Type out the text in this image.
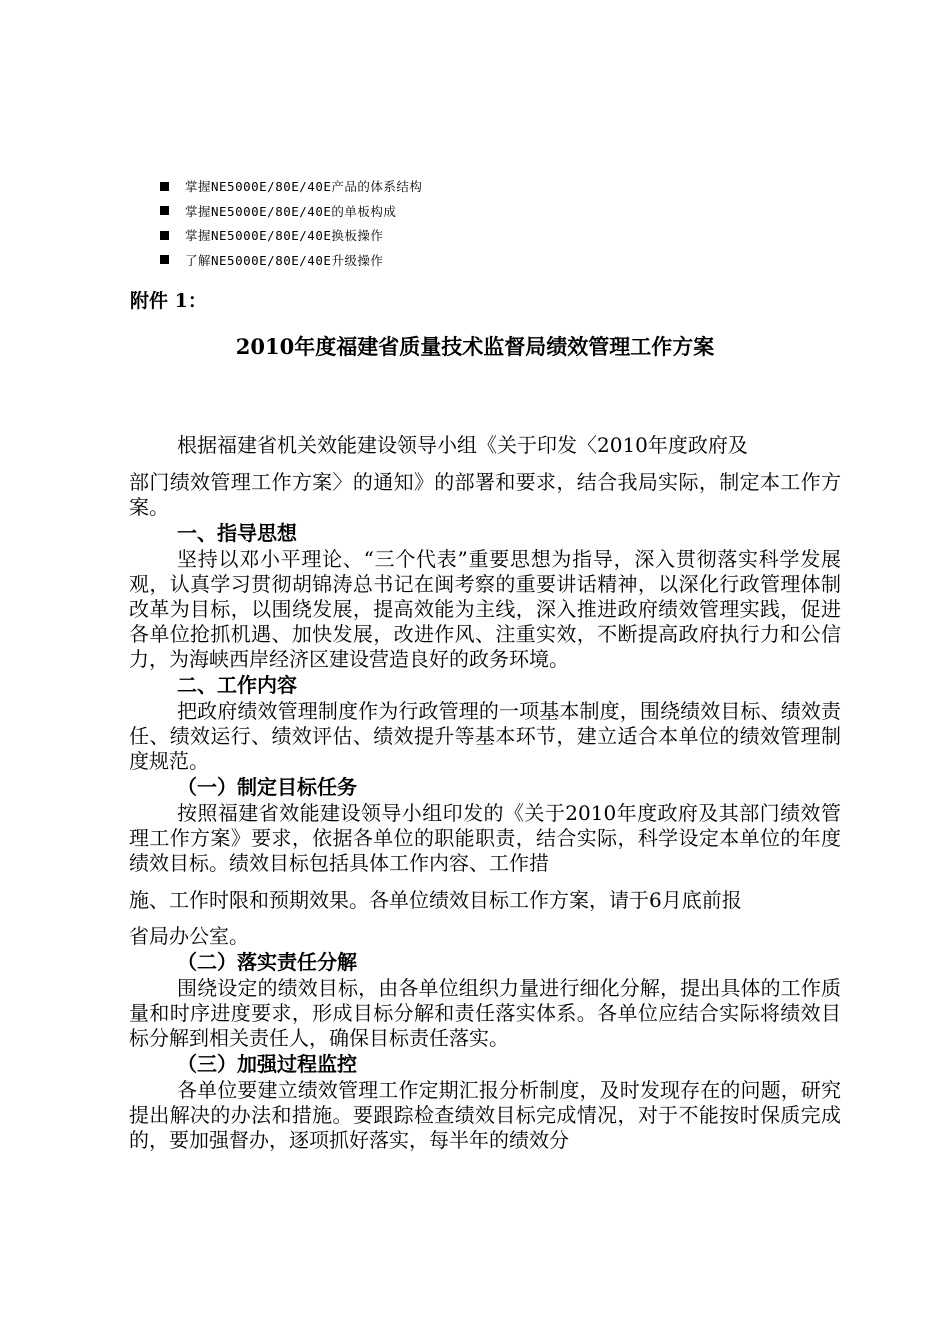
掌握NE5000E/80E/40E产品的体系结构
掌握NE5000E/80E/40E的单板构成
掌握NE5000E/80E/40E换板操作
了解NE5000E/80E/40E升级操作
附件 1：
2010年度福建省质量技术监督局绩效管理工作方案

根据福建省机关效能建设领导小组《关于印发〈2010年度政府及

部门绩效管理工作方案〉的通知》的部署和要求，结合我局实际，制定本工作方案。

一、指导思想

坚持以邓小平理论、“三个代表”重要思想为指导，深入贯彻落实科学发展观，认真学习贯彻胡锦涛总书记在闽考察的重要讲话精神，以深化行政管理体制改革为目标，以围绕发展，提高效能为主线，深入推进政府绩效管理实践，促进各单位抢抓机遇、加快发展，改进作风、注重实效，不断提高政府执行力和公信力，为海峡西岸经济区建设营造良好的政务环境。

二、工作内容

把政府绩效管理制度作为行政管理的一项基本制度，围绕绩效目标、绩效责任、绩效运行、绩效评估、绩效提升等基本环节，建立适合本单位的绩效管理制度规范。

（一）制定目标任务

按照福建省效能建设领导小组印发的《关于2010年度政府及其部门绩效管理工作方案》要求，依据各单位的职能职责，结合实际，科学设定本单位的年度绩效目标。绩效目标包括具体工作内容、工作措

施、工作时限和预期效果。各单位绩效目标工作方案，请于6月底前报

省局办公室。

（二）落实责任分解

围绕设定的绩效目标，由各单位组织力量进行细化分解，提出具体的工作质量和时序进度要求，形成目标分解和责任落实体系。各单位应结合实际将绩效目标分解到相关责任人，确保目标责任落实。

（三）加强过程监控

各单位要建立绩效管理工作定期汇报分析制度，及时发现存在的问题，研究提出解决的办法和措施。要跟踪检查绩效目标完成情况，对于不能按时保质完成的，要加强督办，逐项抓好落实，每半年的绩效分
